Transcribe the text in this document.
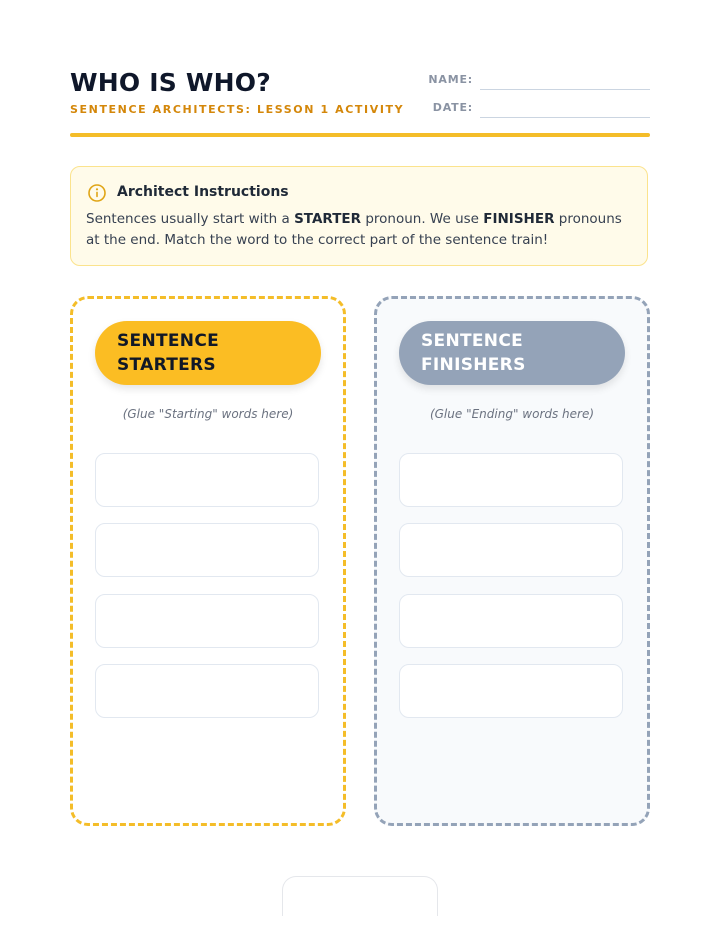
WHO IS WHO?
SENTENCE ARCHITECTS: LESSON 1 ACTIVITY
NAME:
DATE:
Architect Instructions
Sentences usually start with a STARTER pronoun. We use FINISHER pronouns at the end. Match the word to the correct part of the sentence train!
SENTENCE
STARTERS
(Glue "Starting" words here)
SENTENCE
FINISHERS
(Glue "Ending" words here)
